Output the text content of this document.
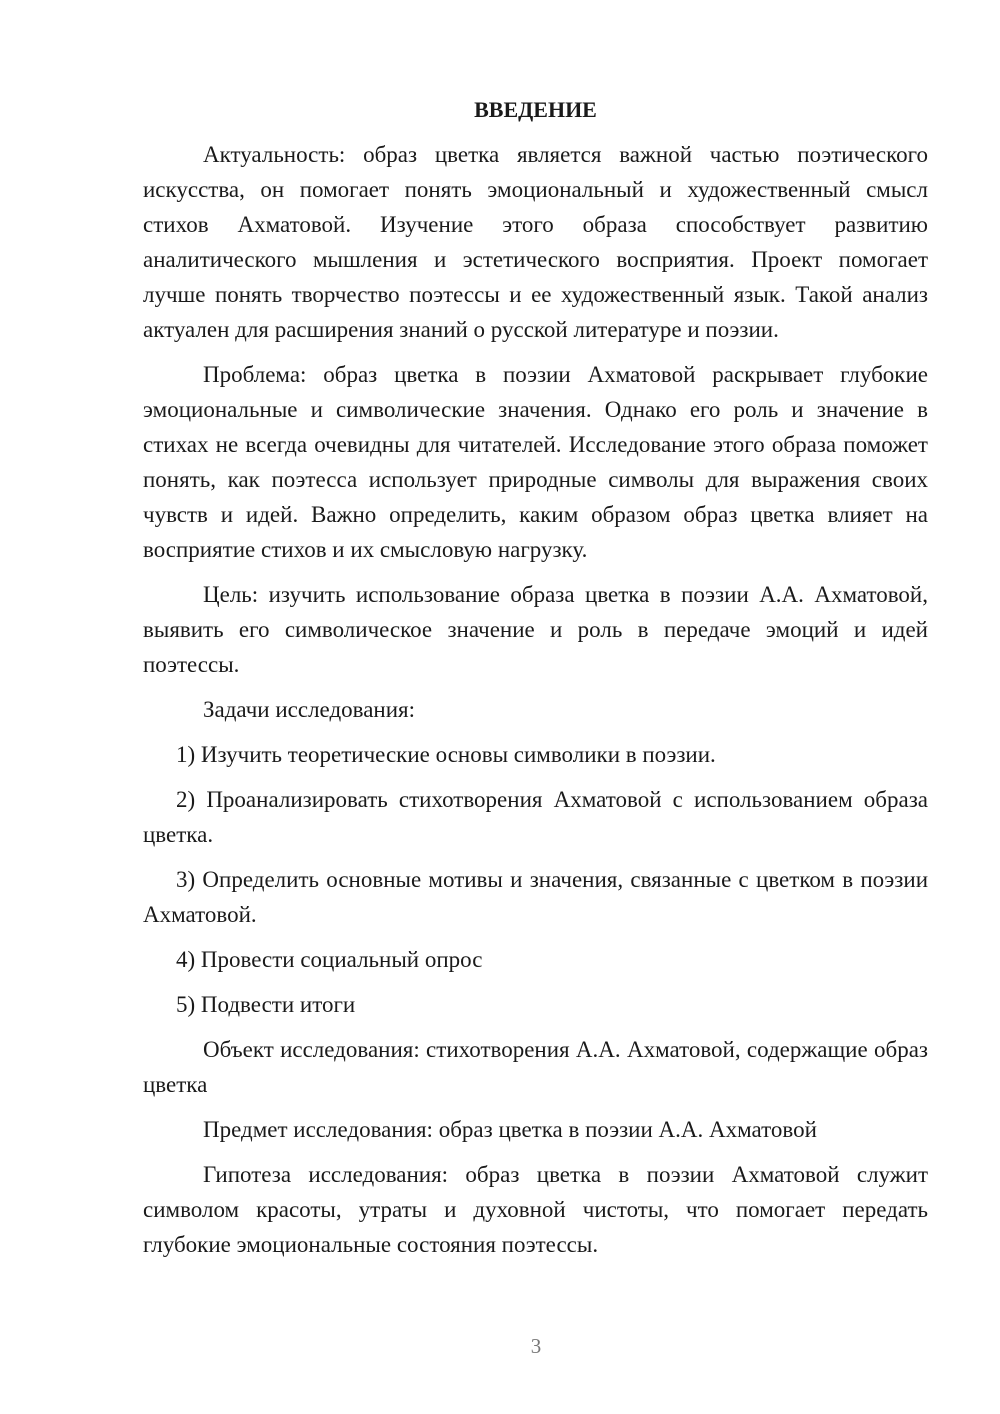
ВВЕДЕНИЕ

Актуальность: образ цветка является важной частью поэтического искусства, он помогает понять эмоциональный и художественный смысл стихов Ахматовой. Изучение этого образа способствует развитию аналитического мышления и эстетического восприятия. Проект помогает лучше понять творчество поэтессы и ее художественный язык. Такой анализ актуален для расширения знаний о русской литературе и поэзии.

Проблема: образ цветка в поэзии Ахматовой раскрывает глубокие эмоциональные и символические значения. Однако его роль и значение в стихах не всегда очевидны для читателей. Исследование этого образа поможет понять, как поэтесса использует природные символы для выражения своих чувств и идей. Важно определить, каким образом образ цветка влияет на восприятие стихов и их смысловую нагрузку.

Цель: изучить использование образа цветка в поэзии А.А. Ахматовой, выявить его символическое значение и роль в передаче эмоций и идей поэтессы.

Задачи исследования:

1) Изучить теоретические основы символики в поэзии.

2) Проанализировать стихотворения Ахматовой с использованием образа цветка.

3) Определить основные мотивы и значения, связанные с цветком в поэзии Ахматовой.

4) Провести социальный опрос

5) Подвести итоги

Объект исследования: стихотворения А.А. Ахматовой, содержащие образ цветка

Предмет исследования: образ цветка в поэзии А.А. Ахматовой

Гипотеза исследования: образ цветка в поэзии Ахматовой служит символом красоты, утраты и духовной чистоты, что помогает передать глубокие эмоциональные состояния поэтессы.

3
